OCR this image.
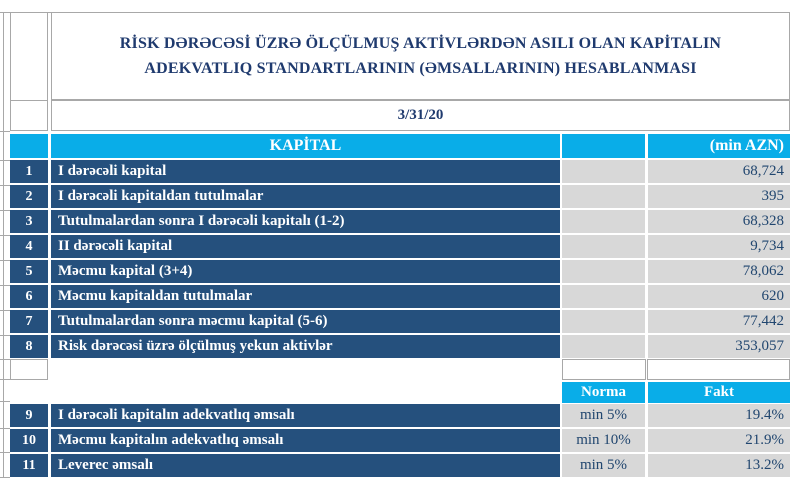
RİSK DƏRƏCƏSİ ÜZRƏ ÖLÇÜLMUŞ AKTİVLƏRDƏN ASILI OLAN KAPİTALIN
ADEKVATLIQ STANDARTLARININ (ƏMSALLARININ) HESABLANMASI
3/31/20
KAPİTAL	(min AZN)
1	I dərəcəli kapital	68,724
2	I dərəcəli kapitaldan tutulmalar	395
3	Tutulmalardan sonra I dərəcəli kapitalı (1-2)	68,328
4	II dərəcəli kapital	9,734
5	Məcmu kapital (3+4)	78,062
6	Məcmu kapitaldan tutulmalar	620
7	Tutulmalardan sonra məcmu kapital (5-6)	77,442
8	Risk dərəcəsi üzrə ölçülmuş yekun aktivlər	353,057
Norma	Fakt
9	I dərəcəli kapitalın adekvatlıq əmsalı	min 5%	19.4%
10	Məcmu kapitalın adekvatlıq əmsalı	min 10%	21.9%
11	Leverec əmsalı	min 5%	13.2%
